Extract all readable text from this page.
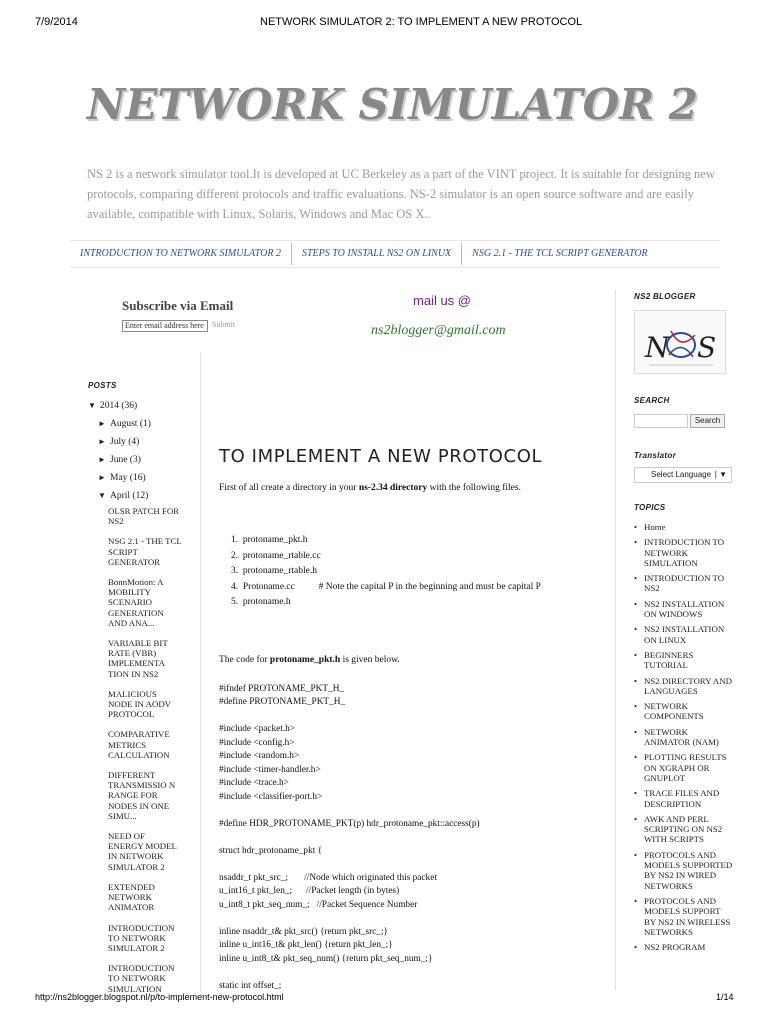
7/9/2014	NETWORK SIMULATOR 2: TO IMPLEMENT A NEW PROTOCOL
http://ns2blogger.blogspot.nl/p/to-implement-new-protocol.html	1/14
NETWORK SIMULATOR 2
NS 2 is a network simulator tool.It is developed at UC Berkeley as a part of the VINT project. It is suitable for designing new protocols, comparing different protocols and traffic evaluations. NS-2 simulator is an open source software and are easily available, compatible with Linux, Solaris, Windows and Mac OS X..
INTRODUCTION TO NETWORK SIMULATOR 2	STEPS TO INSTALL NS2 ON LINUX	NSG 2.1 - THE TCL SCRIPT GENERATOR
Subscribe via Email
Enter email address here	Submit
mail us @
ns2blogger@gmail.com
POSTS
▼ 2014 (36)
► August (1)
► July (4)
► June (3)
► May (16)
▼ April (12)
OLSR PATCH FOR NS2
NSG 2.1 - THE TCL SCRIPT GENERATOR
BonnMotion: A MOBILITY SCENARIO GENERATION AND ANA...
VARIABLE BIT RATE (VBR) IMPLEMENTA TION IN NS2
MALICIOUS NODE IN AODV PROTOCOL
COMPARATIVE METRICS CALCULATION
DIFFERENT TRANSMISSIO N RANGE FOR NODES IN ONE SIMU...
NEED OF ENERGY MODEL IN NETWORK SIMULATOR 2
EXTENDED NETWORK ANIMATOR
INTRODUCTION TO NETWORK SIMULATOR 2
INTRODUCTION TO NETWORK SIMULATION
TO IMPLEMENT A NEW PROTOCOL

First of all create a directory in your ns-2.34 directory with the following files.

1.  protoname_pkt.h
2.  protoname_rtable.cc
3.  protoname_rtable.h
4.  Protoname.cc          # Note the capital P in the beginning and must be capital P
5.  protoname.h

The code for protoname_pkt.h is given below.

#ifndef PROTONAME_PKT_H_
#define PROTONAME_PKT_H_

#include <packet.h>
#include <config.h>
#include <random.h>
#include <timer-handler.h>
#include <trace.h>
#include <classifier-port.h>

#define HDR_PROTONAME_PKT(p) hdr_protoname_pkt::access(p)

struct hdr_protoname_pkt {

nsaddr_t pkt_src_;       //Node which originated this packet
u_int16_t pkt_len_;      //Packet length (in bytes)
u_int8_t pkt_seq_num_;   //Packet Sequence Number

inline nsaddr_t& pkt_src() {return pkt_src_;}
inline u_int16_t& pkt_len() {return pkt_len_;}
inline u_int8_t& pkt_seq_num() {return pkt_seq_num_;}

static int offset_;
NS2 BLOGGER
N S
SEARCH
Search
Translator
Select Language | ▼
TOPICS
• Home
• INTRODUCTION TO NETWORK SIMULATION
• INTRODUCTION TO NS2
• NS2 INSTALLATION ON WINDOWS
• NS2 INSTALLATION ON LINUX
• BEGINNERS TUTORIAL
• NS2 DIRECTORY AND LANGUAGES
• NETWORK COMPONENTS
• NETWORK ANIMATOR (NAM)
• PLOTTING RESULTS ON XGRAPH OR GNUPLOT
• TRACE FILES AND DESCRIPTION
• AWK AND PERL SCRIPTING ON NS2 WITH SCRIPTS
• PROTOCOLS AND MODELS SUPPORTED BY NS2 IN WIRED NETWORKS
• PROTOCOLS AND MODELS SUPPORT BY NS2 IN WIRELESS NETWORKS
• NS2 PROGRAM
